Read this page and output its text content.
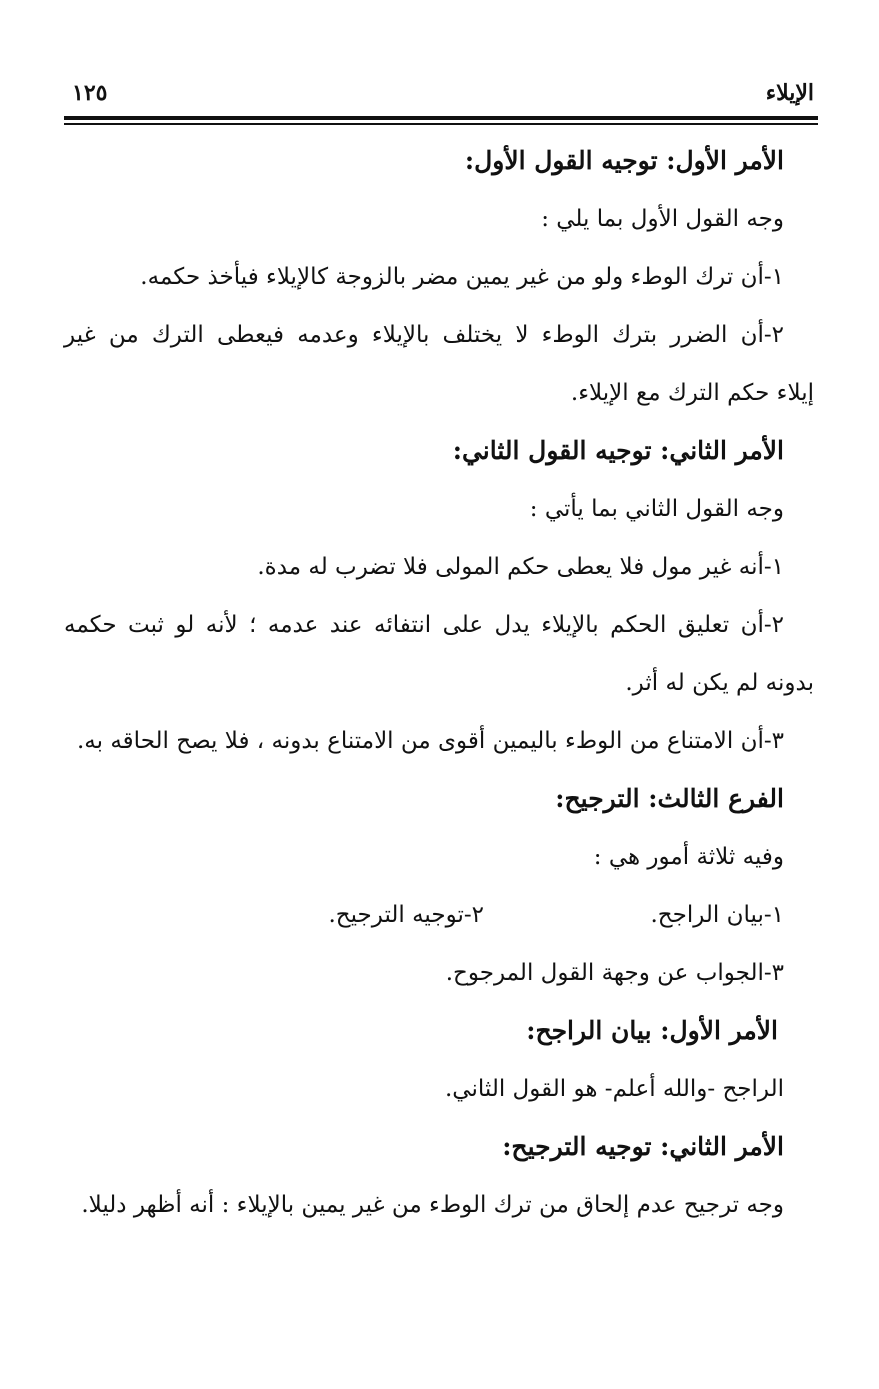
الإيلاء
١٢٥
الأمر الأول: توجيه القول الأول:
وجه القول الأول بما يلي :
١-أن ترك الوطء ولو من غير يمين مضر بالزوجة كالإيلاء فيأخذ حكمه.
٢-أن الضرر بترك الوطء لا يختلف بالإيلاء وعدمه فيعطى الترك من غير
إيلاء حكم الترك مع الإيلاء.
الأمر الثاني: توجيه القول الثاني:
وجه القول الثاني بما يأتي :
١-أنه غير مول فلا يعطى حكم المولى فلا تضرب له مدة.
٢-أن تعليق الحكم بالإيلاء يدل على انتفائه عند عدمه ؛ لأنه لو ثبت حكمه
بدونه لم يكن له أثر.
٣-أن الامتناع من الوطء باليمين أقوى من الامتناع بدونه ، فلا يصح الحاقه به.
الفرع الثالث: الترجيح:
وفيه ثلاثة أمور هي :
١-بيان الراجح.
٢-توجيه الترجيح.
٣-الجواب عن وجهة القول المرجوح.
الأمر الأول: بيان الراجح:
الراجح -والله أعلم- هو القول الثاني.
الأمر الثاني: توجيه الترجيح:
وجه ترجيح عدم إلحاق من ترك الوطء من غير يمين بالإيلاء : أنه أظهر دليلا.
